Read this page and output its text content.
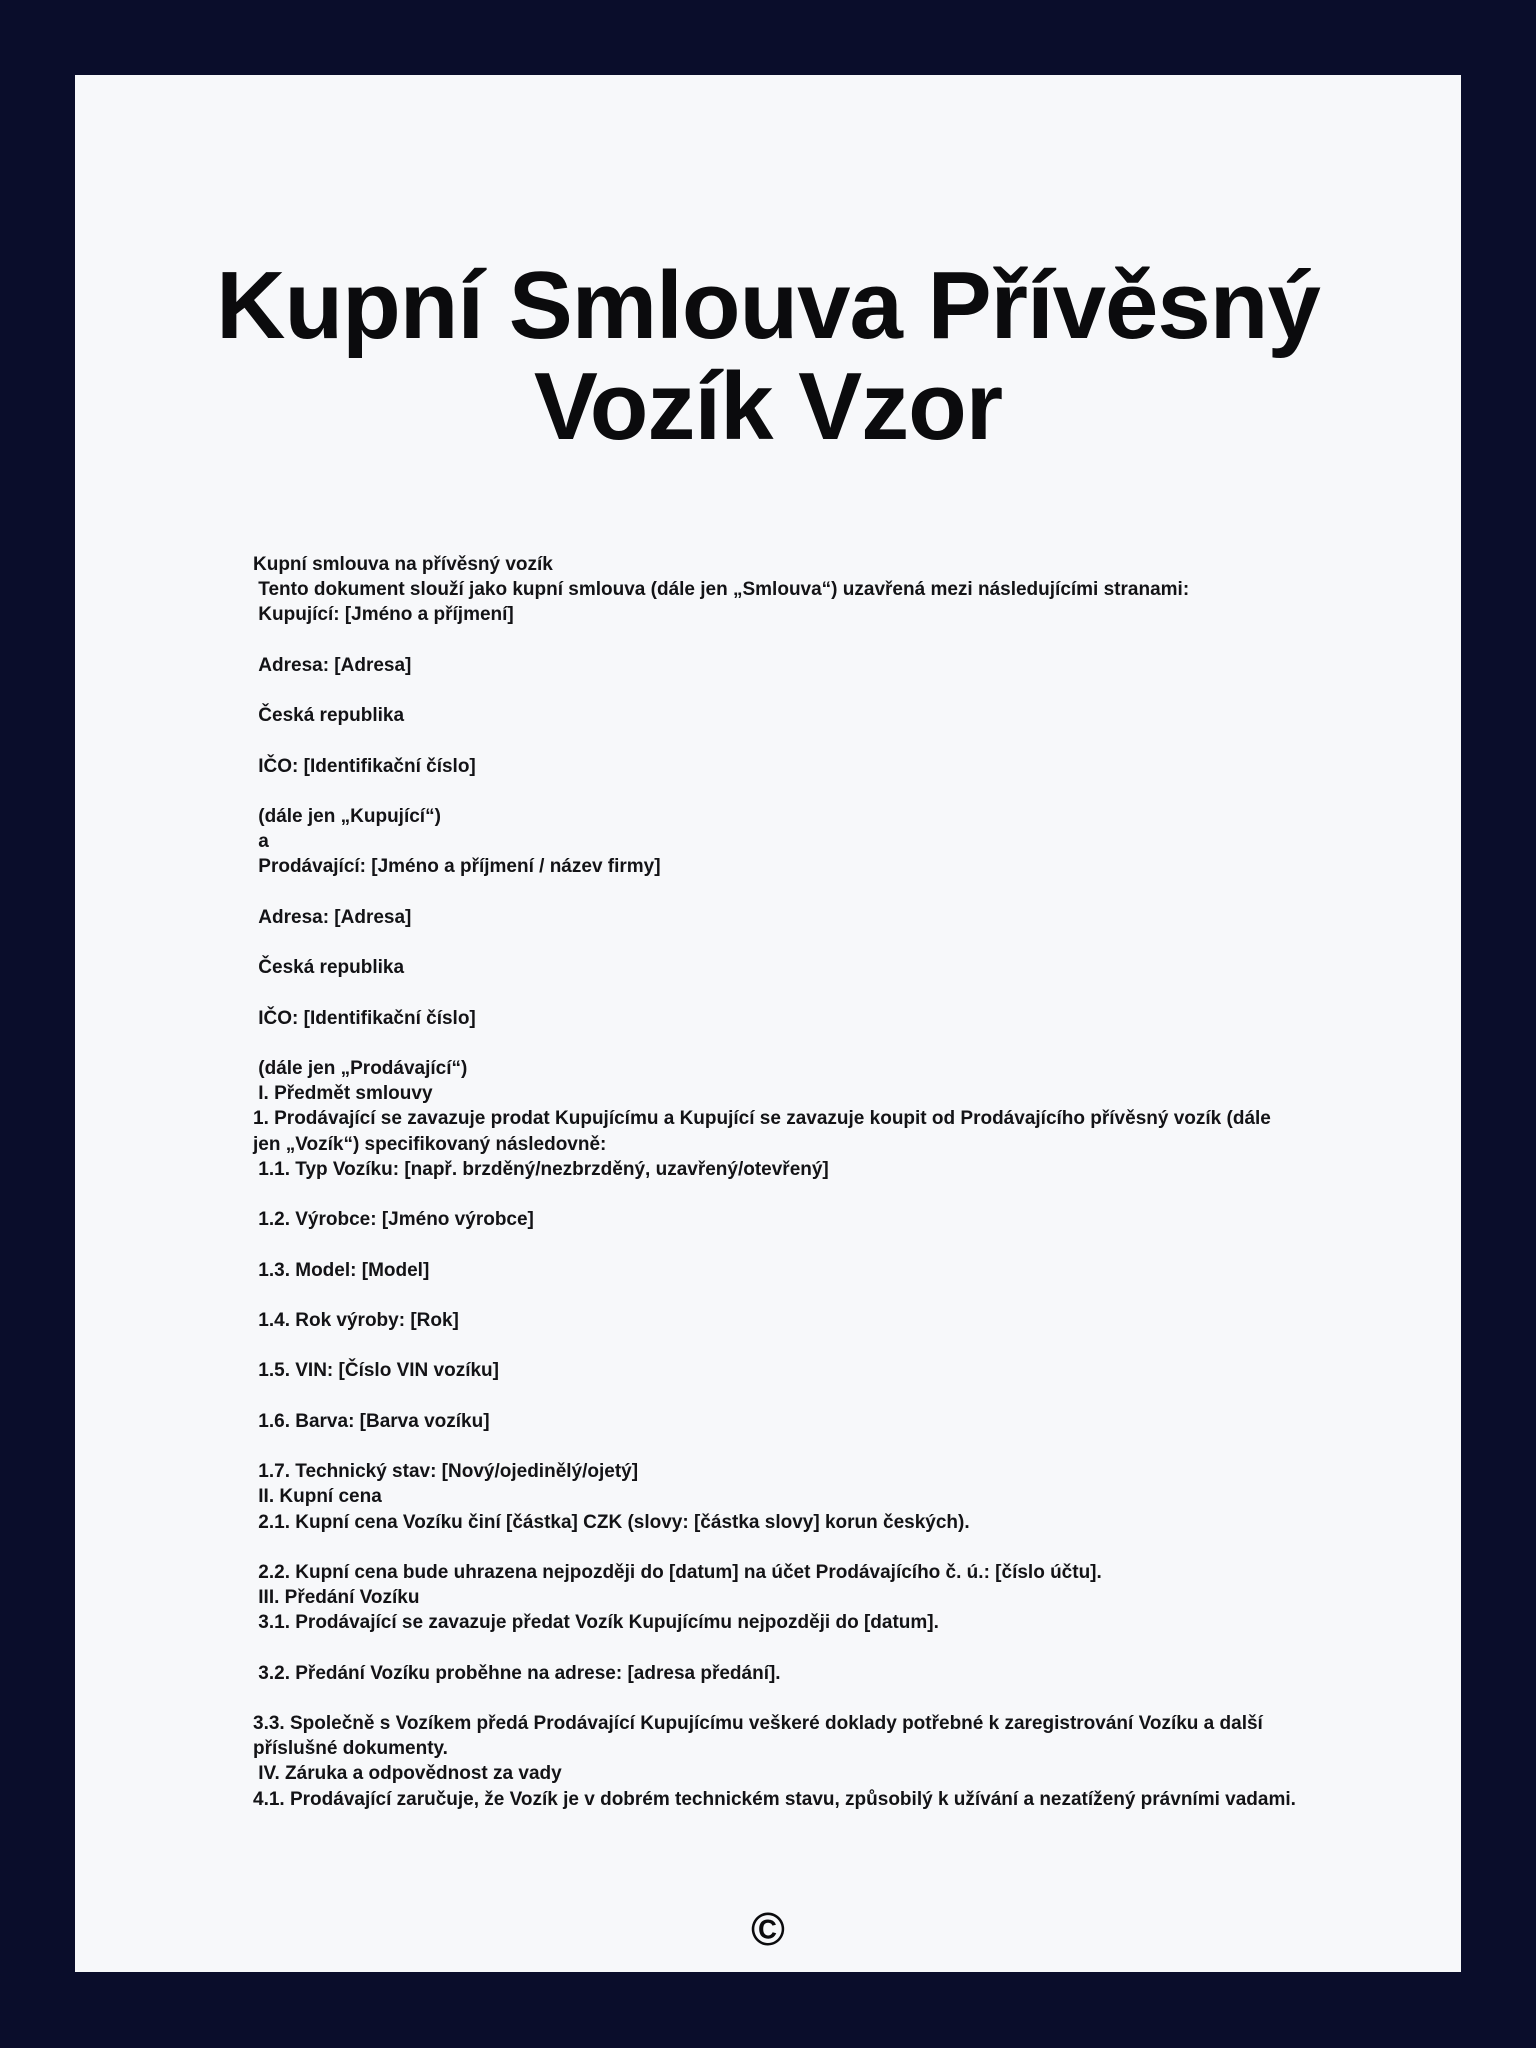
Kupní Smlouva Přívěsný
Vozík Vzor
Kupní smlouva na přívěsný vozík
Tento dokument slouží jako kupní smlouva (dále jen „Smlouva“) uzavřená mezi následujícími stranami:
Kupující: [Jméno a příjmení]
Adresa: [Adresa]
Česká republika
IČO: [Identifikační číslo]
(dále jen „Kupující“)
a
Prodávající: [Jméno a příjmení / název firmy]
Adresa: [Adresa]
Česká republika
IČO: [Identifikační číslo]
(dále jen „Prodávající“)
I. Předmět smlouvy
1. Prodávající se zavazuje prodat Kupujícímu a Kupující se zavazuje koupit od Prodávajícího přívěsný vozík (dále jen „Vozík“) specifikovaný následovně:
1.1. Typ Vozíku: [např. brzděný/nezbrzděný, uzavřený/otevřený]
1.2. Výrobce: [Jméno výrobce]
1.3. Model: [Model]
1.4. Rok výroby: [Rok]
1.5. VIN: [Číslo VIN vozíku]
1.6. Barva: [Barva vozíku]
1.7. Technický stav: [Nový/ojedinělý/ojetý]
II. Kupní cena
2.1. Kupní cena Vozíku činí [částka] CZK (slovy: [částka slovy] korun českých).
2.2. Kupní cena bude uhrazena nejpozději do [datum] na účet Prodávajícího č. ú.: [číslo účtu].
III. Předání Vozíku
3.1. Prodávající se zavazuje předat Vozík Kupujícímu nejpozději do [datum].
3.2. Předání Vozíku proběhne na adrese: [adresa předání].
3.3. Společně s Vozíkem předá Prodávající Kupujícímu veškeré doklady potřebné k zaregistrování Vozíku a další příslušné dokumenty.
IV. Záruka a odpovědnost za vady
4.1. Prodávající zaručuje, že Vozík je v dobrém technickém stavu, způsobilý k užívání a nezatížený právními vadami.
©
